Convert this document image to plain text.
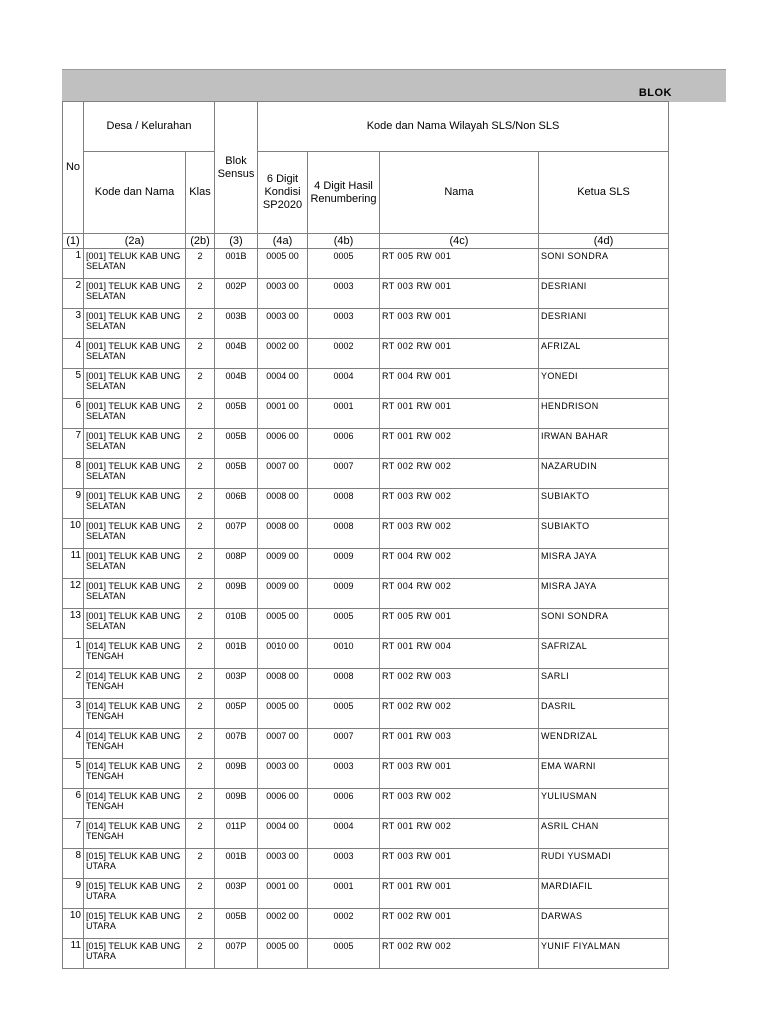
BLOK
No	Desa / Kelurahan		Blok Sensus	Kode dan Nama Wilayah SLS/Non SLS			
	Kode dan Nama	Klas		6 Digit Kondisi SP2020	4 Digit Hasil Renumbering	Nama	Ketua SLS
(1)	(2a)	(2b)	(3)	(4a)	(4b)	(4c)	(4d)
1	[001] TELUK KAB UNG SELATAN	2	001B	0005 00	0005	RT 005 RW 001	SONI SONDRA
2	[001] TELUK KAB UNG SELATAN	2	002P	0003 00	0003	RT 003 RW 001	DESRIANI
3	[001] TELUK KAB UNG SELATAN	2	003B	0003 00	0003	RT 003 RW 001	DESRIANI
4	[001] TELUK KAB UNG SELATAN	2	004B	0002 00	0002	RT 002 RW 001	AFRIZAL
5	[001] TELUK KAB UNG SELATAN	2	004B	0004 00	0004	RT 004 RW 001	YONEDI
6	[001] TELUK KAB UNG SELATAN	2	005B	0001 00	0001	RT 001 RW 001	HENDRISON
7	[001] TELUK KAB UNG SELATAN	2	005B	0006 00	0006	RT 001 RW 002	IRWAN BAHAR
8	[001] TELUK KAB UNG SELATAN	2	005B	0007 00	0007	RT 002 RW 002	NAZARUDIN
9	[001] TELUK KAB UNG SELATAN	2	006B	0008 00	0008	RT 003 RW 002	SUBIAKTO
10	[001] TELUK KAB UNG SELATAN	2	007P	0008 00	0008	RT 003 RW 002	SUBIAKTO
11	[001] TELUK KAB UNG SELATAN	2	008P	0009 00	0009	RT 004 RW 002	MISRA JAYA
12	[001] TELUK KAB UNG SELATAN	2	009B	0009 00	0009	RT 004 RW 002	MISRA JAYA
13	[001] TELUK KAB UNG SELATAN	2	010B	0005 00	0005	RT 005 RW 001	SONI SONDRA
1	[014] TELUK KAB UNG TENGAH	2	001B	0010 00	0010	RT 001 RW 004	SAFRIZAL
2	[014] TELUK KAB UNG TENGAH	2	003P	0008 00	0008	RT 002 RW 003	SARLI
3	[014] TELUK KAB UNG TENGAH	2	005P	0005 00	0005	RT 002 RW 002	DASRIL
4	[014] TELUK KAB UNG TENGAH	2	007B	0007 00	0007	RT 001 RW 003	WENDRIZAL
5	[014] TELUK KAB UNG TENGAH	2	009B	0003 00	0003	RT 003 RW 001	EMA WARNI
6	[014] TELUK KAB UNG TENGAH	2	009B	0006 00	0006	RT 003 RW 002	YULIUSMAN
7	[014] TELUK KAB UNG TENGAH	2	011P	0004 00	0004	RT 001 RW 002	ASRIL CHAN
8	[015] TELUK KAB UNG UTARA	2	001B	0003 00	0003	RT 003 RW 001	RUDI YUSMADI
9	[015] TELUK KAB UNG UTARA	2	003P	0001 00	0001	RT 001 RW 001	MARDIAFIL
10	[015] TELUK KAB UNG UTARA	2	005B	0002 00	0002	RT 002 RW 001	DARWAS
11	[015] TELUK KAB UNG UTARA	2	007P	0005 00	0005	RT 002 RW 002	YUNIF FIYALMAN
